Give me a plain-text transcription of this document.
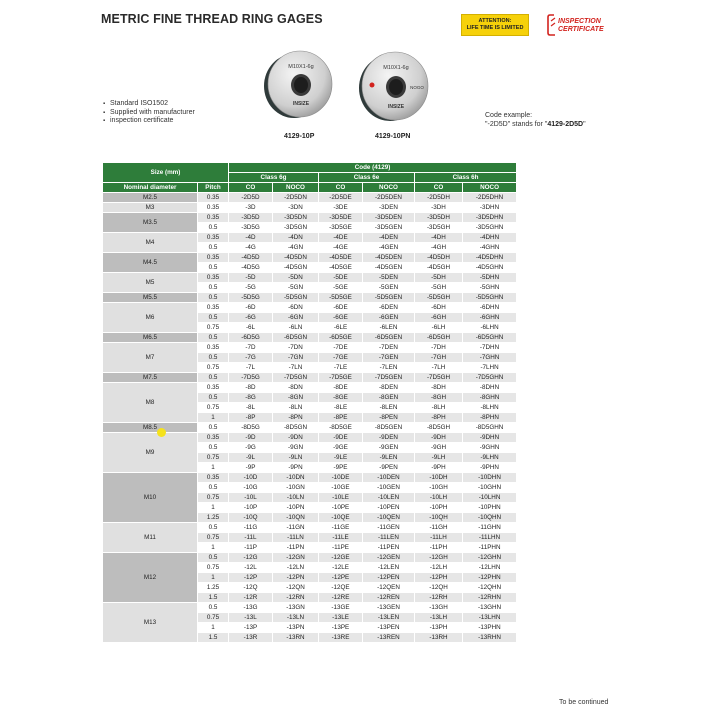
METRIC FINE THREAD RING GAGES	ATTENTION:
LIFE TIME IS LIMITED
INSPECTION
CERTIFICATE
M10X1-6g
INSIZE
4129-10P
M10X1-6g
NOGO
INSIZE
4129-10PN
▪ Standard ISO1502
▪ Supplied with manufacturer
▪ inspection certificate
Code example:
"-2D5D" stands for "4129-2D5D"
Size (mm)		Code (4129)					
		Class 6g		Class 6e		Class 6h	
Nominal diameter	Pitch	CO	NOCO	CO	NOCO	CO	NOCO
M2.5	0.35	-2D5D	-2D5DN	-2D5DE	-2D5DEN	-2D5DH	-2D5DHN
M3	0.35	-3D	-3DN	-3DE	-3DEN	-3DH	-3DHN
M3.5	0.35	-3D5D	-3D5DN	-3D5DE	-3D5DEN	-3D5DH	-3D5DHN
	0.5	-3D5G	-3D5GN	-3D5GE	-3D5GEN	-3D5GH	-3D5GHN
M4	0.35	-4D	-4DN	-4DE	-4DEN	-4DH	-4DHN
	0.5	-4G	-4GN	-4GE	-4GEN	-4GH	-4GHN
M4.5	0.35	-4D5D	-4D5DN	-4D5DE	-4D5DEN	-4D5DH	-4D5DHN
	0.5	-4D5G	-4D5GN	-4D5GE	-4D5GEN	-4D5GH	-4D5GHN
M5	0.35	-5D	-5DN	-5DE	-5DEN	-5DH	-5DHN
	0.5	-5G	-5GN	-5GE	-5GEN	-5GH	-5GHN
M5.5	0.5	-5D5G	-5D5GN	-5D5GE	-5D5GEN	-5D5GH	-5D5GHN
M6	0.35	-6D	-6DN	-6DE	-6DEN	-6DH	-6DHN
	0.5	-6G	-6GN	-6GE	-6GEN	-6GH	-6GHN
	0.75	-6L	-6LN	-6LE	-6LEN	-6LH	-6LHN
M6.5	0.5	-6D5G	-6D5GN	-6D5GE	-6D5GEN	-6D5GH	-6D5GHN
M7	0.35	-7D	-7DN	-7DE	-7DEN	-7DH	-7DHN
	0.5	-7G	-7GN	-7GE	-7GEN	-7GH	-7GHN
	0.75	-7L	-7LN	-7LE	-7LEN	-7LH	-7LHN
M7.5	0.5	-7D5G	-7D5GN	-7D5GE	-7D5GEN	-7D5GH	-7D5GHN
M8	0.35	-8D	-8DN	-8DE	-8DEN	-8DH	-8DHN
	0.5	-8G	-8GN	-8GE	-8GEN	-8GH	-8GHN
	0.75	-8L	-8LN	-8LE	-8LEN	-8LH	-8LHN
	1	-8P	-8PN	-8PE	-8PEN	-8PH	-8PHN
M8.5	0.5	-8D5G	-8D5GN	-8D5GE	-8D5GEN	-8D5GH	-8D5GHN
M9	0.35	-9D	-9DN	-9DE	-9DEN	-9DH	-9DHN
	0.5	-9G	-9GN	-9GE	-9GEN	-9GH	-9GHN
	0.75	-9L	-9LN	-9LE	-9LEN	-9LH	-9LHN
	1	-9P	-9PN	-9PE	-9PEN	-9PH	-9PHN
M10	0.35	-10D	-10DN	-10DE	-10DEN	-10DH	-10DHN
	0.5	-10G	-10GN	-10GE	-10GEN	-10GH	-10GHN
	0.75	-10L	-10LN	-10LE	-10LEN	-10LH	-10LHN
	1	-10P	-10PN	-10PE	-10PEN	-10PH	-10PHN
	1.25	-10Q	-10QN	-10QE	-10QEN	-10QH	-10QHN
M11	0.5	-11G	-11GN	-11GE	-11GEN	-11GH	-11GHN
	0.75	-11L	-11LN	-11LE	-11LEN	-11LH	-11LHN
	1	-11P	-11PN	-11PE	-11PEN	-11PH	-11PHN
M12	0.5	-12G	-12GN	-12GE	-12GEN	-12GH	-12GHN
	0.75	-12L	-12LN	-12LE	-12LEN	-12LH	-12LHN
	1	-12P	-12PN	-12PE	-12PEN	-12PH	-12PHN
	1.25	-12Q	-12QN	-12QE	-12QEN	-12QH	-12QHN
	1.5	-12R	-12RN	-12RE	-12REN	-12RH	-12RHN
M13	0.5	-13G	-13GN	-13GE	-13GEN	-13GH	-13GHN
	0.75	-13L	-13LN	-13LE	-13LEN	-13LH	-13LHN
	1	-13P	-13PN	-13PE	-13PEN	-13PH	-13PHN
	1.5	-13R	-13RN	-13RE	-13REN	-13RH	-13RHN
To be continued
